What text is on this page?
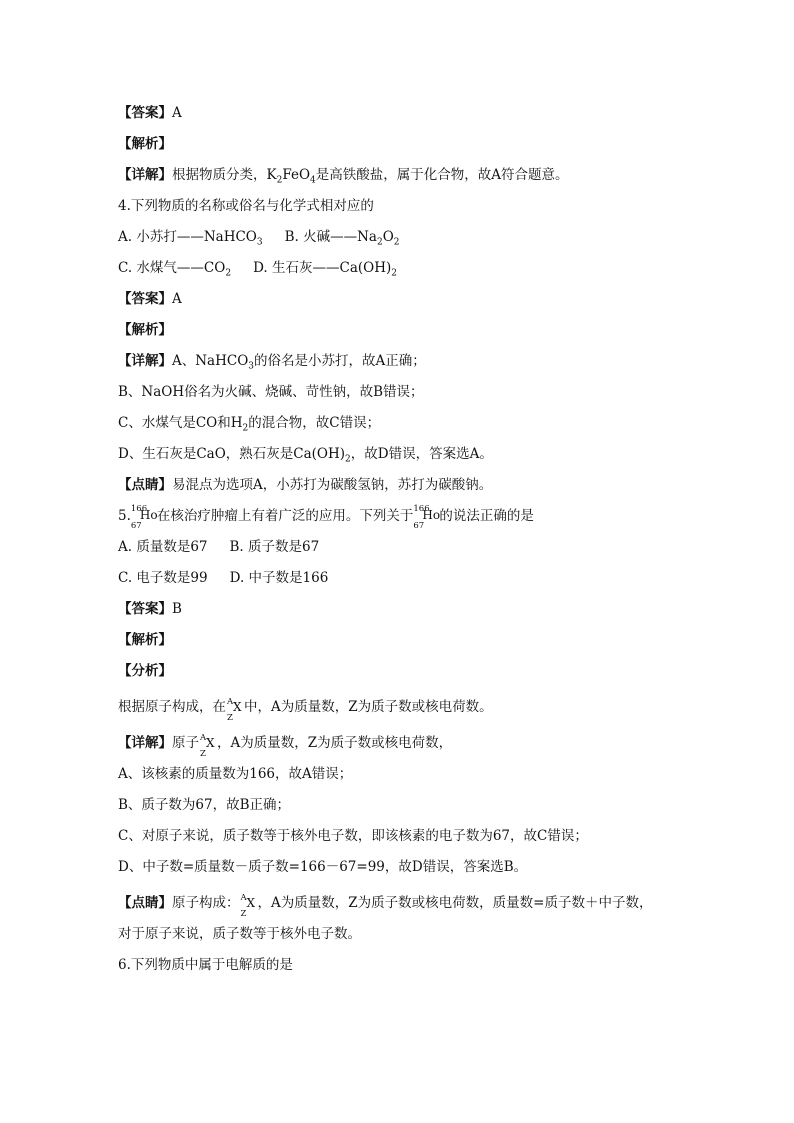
【答案】A
【解析】
【详解】根据物质分类，$K_2FeO_4$是高铁酸盐，属于化合物，故A符合题意。
4.下列物质的名称或俗名与化学式相对应的
A. 小苏打——NaHCO$_3$ B. 火碱$——Na_2O_2$
C. 水煤气$——CO_2$ D. 生石灰$——Ca(OH)_2$
【答案】A
【解析】
【详解】A、NaHCO$_3$的俗名是小苏打，故A正确；
B、NaOH俗名为火碱、烧碱、苛性钠，故B错误；
C、水煤气是CO和$H_2$的混合物，故C错误；
D、生石灰是CaO，熟石灰是$Ca(OH)_2$，故D错误，答案选A。
【点睛】易混点为选项A，小苏打为碳酸氢钠，苏打为碳酸钠。
5. 166
67
Ho 在核治疗肿瘤上有着广泛的应用。下列关于 166
67
Ho 的说法正确的是
A. 质量数是67 B. 质子数是67
C. 电子数是99 D. 中子数是166
【答案】B
【解析】
【分析】
根据原子构成，在 A
Z
X 中，A为质量数，Z为质子数或核电荷数。
【详解】原子 A
Z
X ，A为质量数，Z为质子数或核电荷数，
A、该核素的质量数为166，故A错误；
B、质子数为67，故B正确；
C、对原子来说，质子数等于核外电子数，即该核素的电子数为67，故C错误；
D、中子数=质量数－质子数=166－67=99，故D错误，答案选B。
【点睛】原子构成： A
Z
X ，A为质量数，Z为质子数或核电荷数，质量数=质子数＋中子数，
对于原子来说，质子数等于核外电子数。
6.下列物质中属于电解质的是
